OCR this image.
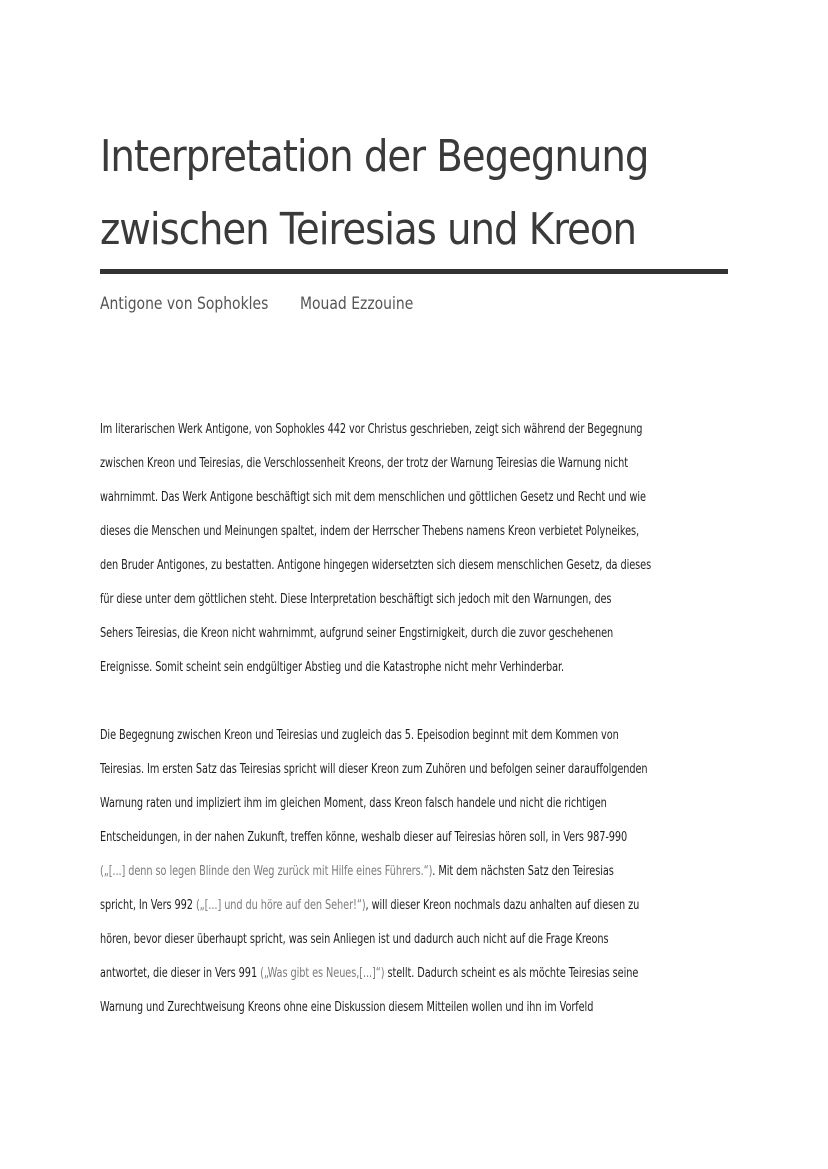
Interpretation der Begegnung
zwischen Teiresias und Kreon
Antigone von Sophokles Mouad Ezzouine
Im literarischen Werk Antigone, von Sophokles 442 vor Christus geschrieben, zeigt sich während der Begegnung
zwischen Kreon und Teiresias, die Verschlossenheit Kreons, der trotz der Warnung Teiresias die Warnung nicht
wahrnimmt. Das Werk Antigone beschäftigt sich mit dem menschlichen und göttlichen Gesetz und Recht und wie
dieses die Menschen und Meinungen spaltet, indem der Herrscher Thebens namens Kreon verbietet Polyneikes,
den Bruder Antigones, zu bestatten. Antigone hingegen widersetzten sich diesem menschlichen Gesetz, da dieses
für diese unter dem göttlichen steht. Diese Interpretation beschäftigt sich jedoch mit den Warnungen, des
Sehers Teiresias, die Kreon nicht wahrnimmt, aufgrund seiner Engstirnigkeit, durch die zuvor geschehenen
Ereignisse. Somit scheint sein endgültiger Abstieg und die Katastrophe nicht mehr Verhinderbar.
Die Begegnung zwischen Kreon und Teiresias und zugleich das 5. Epeisodion beginnt mit dem Kommen von
Teiresias. Im ersten Satz das Teiresias spricht will dieser Kreon zum Zuhören und befolgen seiner darauffolgenden
Warnung raten und impliziert ihm im gleichen Moment, dass Kreon falsch handele und nicht die richtigen
Entscheidungen, in der nahen Zukunft, treffen könne, weshalb dieser auf Teiresias hören soll, in Vers 987-990
(„[...] denn so legen Blinde den Weg zurück mit Hilfe eines Führers.“). Mit dem nächsten Satz den Teiresias
spricht, In Vers 992 („[...] und du höre auf den Seher!“), will dieser Kreon nochmals dazu anhalten auf diesen zu
hören, bevor dieser überhaupt spricht, was sein Anliegen ist und dadurch auch nicht auf die Frage Kreons
antwortet, die dieser in Vers 991 („Was gibt es Neues,[...]“) stellt. Dadurch scheint es als möchte Teiresias seine
Warnung und Zurechtweisung Kreons ohne eine Diskussion diesem Mitteilen wollen und ihn im Vorfeld
